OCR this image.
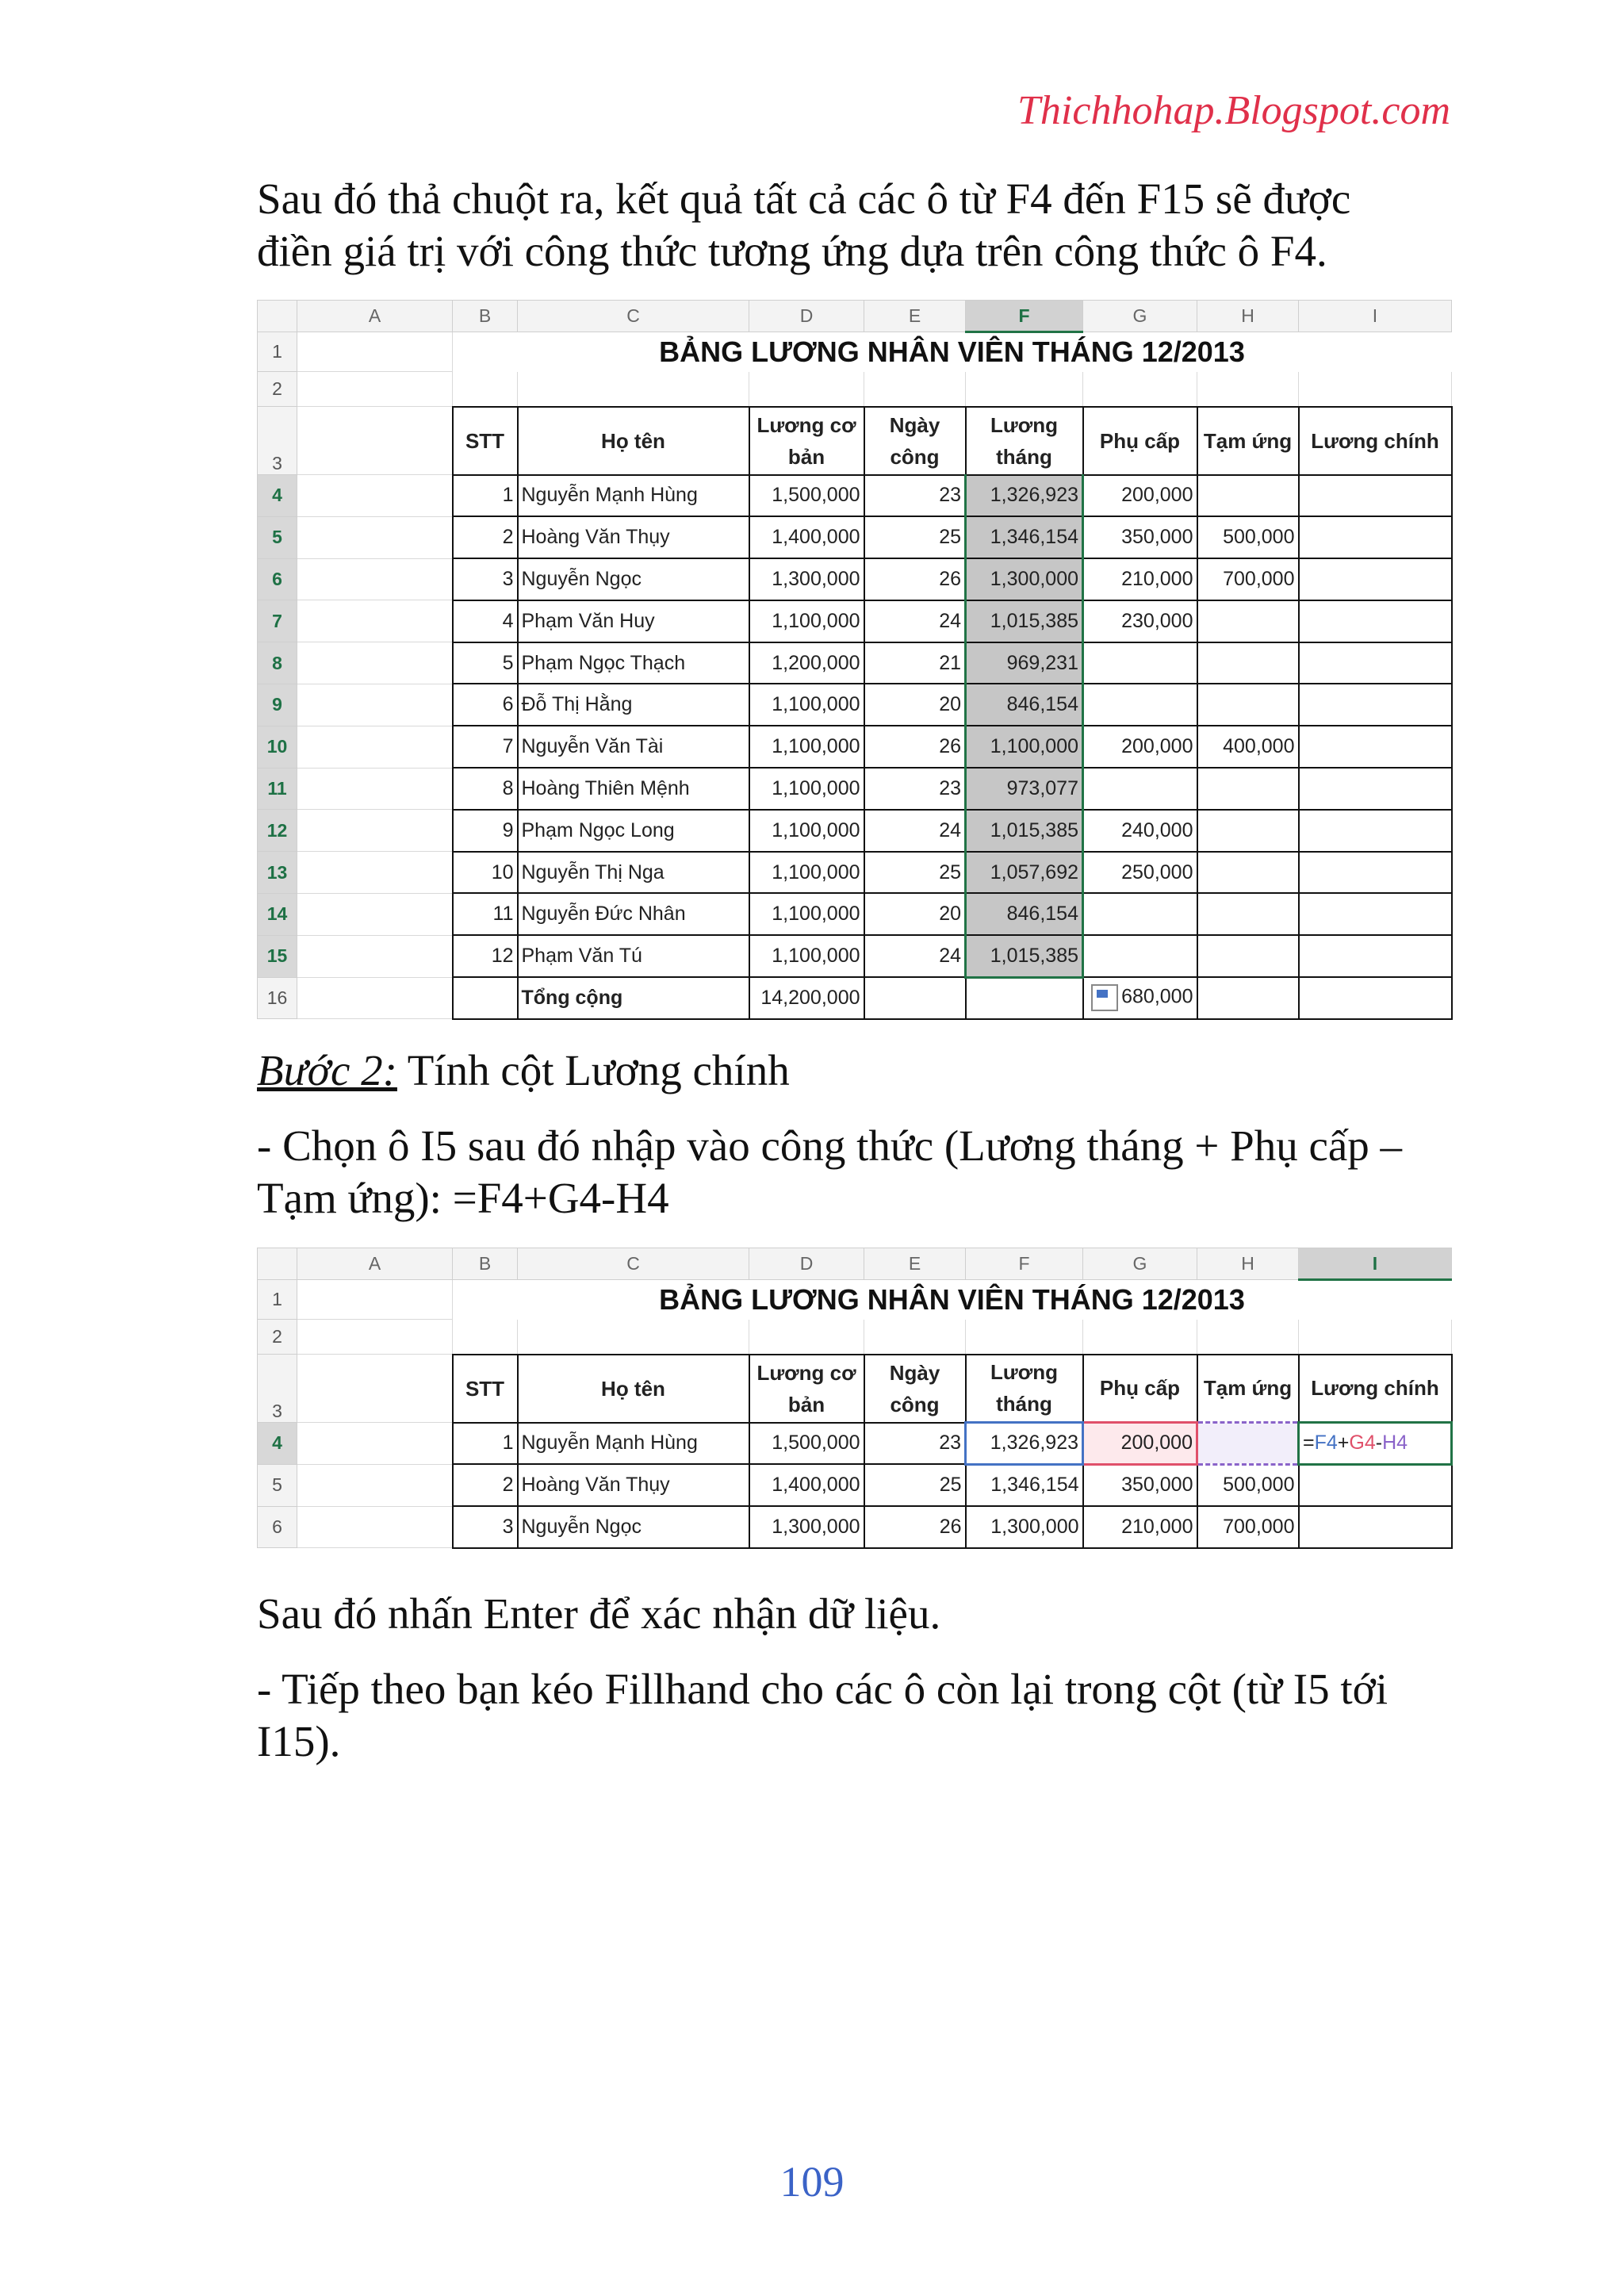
Thichhohap.Blogspot.com
Sau đó thả chuột ra, kết quả tất cả các ô từ F4 đến F15 sẽ được
điền giá trị với công thức tương ứng dựa trên công thức ô F4.
	A	B	C	D	E	F	G	H	I
1		BẢNG LƯƠNG NHÂN VIÊN THÁNG 12/2013							
2									
3		STT	Họ tên	Lương cơ bản	Ngày công	Lương tháng	Phụ cấp	Tạm ứng	Lương chính
4		1	Nguyễn Mạnh Hùng	1,500,000	23	1,326,923	200,000		
5		2	Hoàng Văn Thụy	1,400,000	25	1,346,154	350,000	500,000	
6		3	Nguyễn Ngọc	1,300,000	26	1,300,000	210,000	700,000	
7		4	Phạm Văn Huy	1,100,000	24	1,015,385	230,000		
8		5	Phạm Ngọc Thạch	1,200,000	21	969,231			
9		6	Đỗ Thị Hằng	1,100,000	20	846,154			
10		7	Nguyễn Văn Tài	1,100,000	26	1,100,000	200,000	400,000	
11		8	Hoàng Thiên Mệnh	1,100,000	23	973,077			
12		9	Phạm Ngọc Long	1,100,000	24	1,015,385	240,000		
13		10	Nguyễn Thị Nga	1,100,000	25	1,057,692	250,000		
14		11	Nguyễn Đức Nhân	1,100,000	20	846,154			
15		12	Phạm Văn Tú	1,100,000	24	1,015,385			
16			Tổng cộng	14,200,000			680,000		
Bước 2: Tính cột Lương chính
- Chọn ô I5 sau đó nhập vào công thức (Lương tháng + Phụ cấp –
Tạm ứng): =F4+G4-H4
	A	B	C	D	E	F	G	H	I
1		BẢNG LƯƠNG NHÂN VIÊN THÁNG 12/2013							
2									
3		STT	Họ tên	Lương cơ bản	Ngày công	Lương tháng	Phụ cấp	Tạm ứng	Lương chính
4		1	Nguyễn Mạnh Hùng	1,500,000	23	1,326,923	200,000		=F4+G4-H4
5		2	Hoàng Văn Thụy	1,400,000	25	1,346,154	350,000	500,000	
6		3	Nguyễn Ngọc	1,300,000	26	1,300,000	210,000	700,000	
Sau đó nhấn Enter để xác nhận dữ liệu.
- Tiếp theo bạn kéo Fillhand cho các ô còn lại trong cột (từ I5 tới
I15).
109
